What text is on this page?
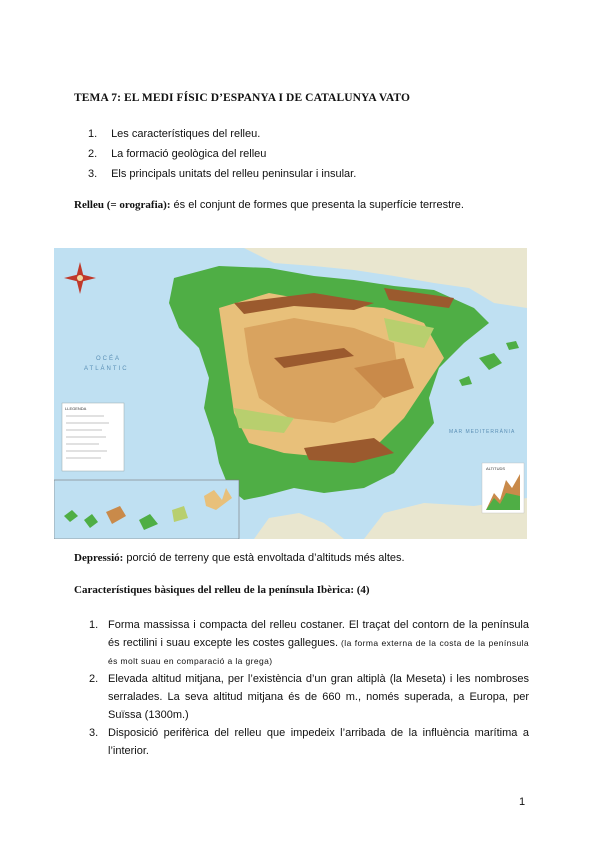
TEMA 7: EL MEDI FÍSIC D’ESPANYA I DE CATALUNYA VATO
1. Les característiques del relleu.
2. La formació geològica del relleu
3. Els principals unitats del relleu peninsular i insular.
Relleu (= orografia): és el conjunt de formes que presenta la superfície terrestre.
OCÉA
ATLÁNTIC
MAR MEDITERRÀNIA
LLEGENDA
ALTITUDS
Depressió: porció de terreny que està envoltada d’altituds més altes.
Característiques bàsiques del relleu de la península Ibèrica: (4)
1. Forma massissa i compacta del relleu costaner. El traçat del contorn de la península és rectilini i suau excepte les costes gallegues. (la forma externa de la costa de la península és molt suau en comparació a la grega)
2. Elevada altitud mitjana, per l’existència d’un gran altiplà (la Meseta) i les nombroses serralades. La seva altitud mitjana és de 660 m., només superada, a Europa, per Suïssa (1300m.)
3. Disposició perifèrica del relleu que impedeix l’arribada de la influència marítima a l’interior.
1
